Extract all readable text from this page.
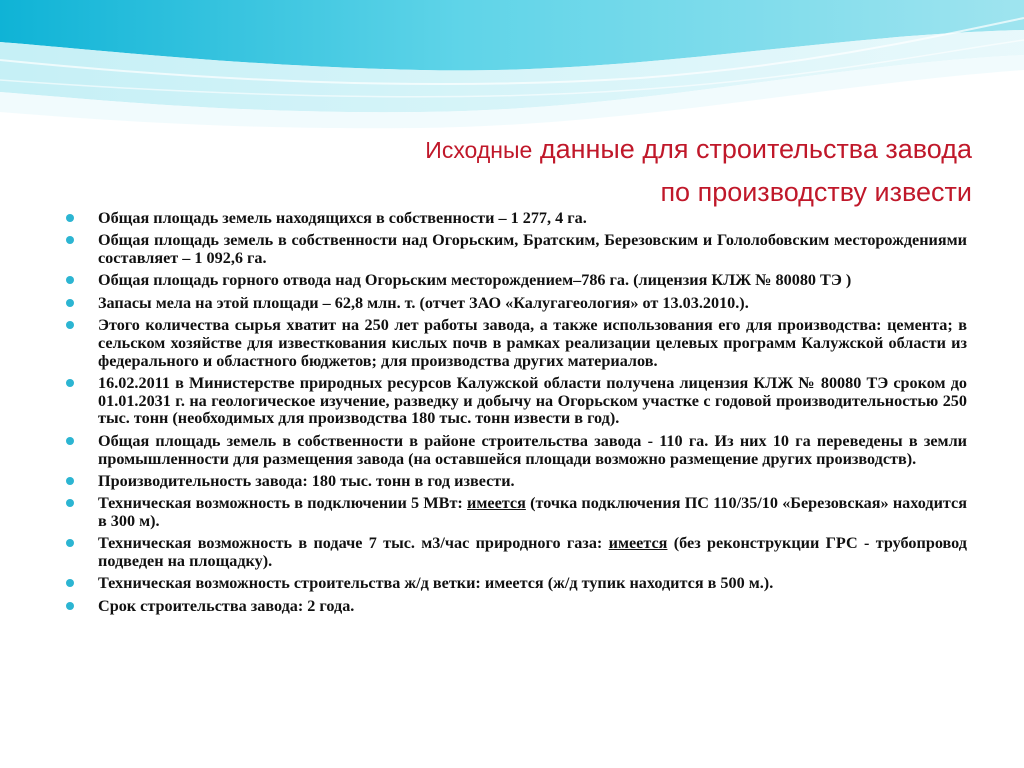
Исходные данные для строительства завода
по производству извести
Общая площадь земель находящихся в собственности – 1 277, 4 га.
Общая площадь земель в собственности над Огорьским, Братским, Березовским и Гололобовским месторождениями составляет – 1 092,6 га.
Общая площадь горного отвода над Огорьским месторождением–786 га. (лицензия КЛЖ № 80080 ТЭ )
Запасы мела на этой площади – 62,8 млн. т. (отчет ЗАО «Калугагеология» от 13.03.2010.).
Этого количества сырья хватит на 250 лет работы завода, а также использования его для производства: цемента; в сельском хозяйстве для известкования кислых почв в рамках реализации целевых программ Калужской области из федерального и областного бюджетов; для производства других материалов.
16.02.2011 в Министерстве природных ресурсов Калужской области получена лицензия КЛЖ № 80080 ТЭ сроком до 01.01.2031 г. на геологическое изучение, разведку и добычу на Огорьском участке с годовой производительностью 250 тыс. тонн (необходимых для производства 180 тыс. тонн извести в год).
Общая площадь земель в собственности в районе строительства завода - 110 га. Из них 10 га переведены в земли промышленности для размещения завода (на оставшейся площади возможно размещение других производств).
Производительность завода: 180 тыс. тонн в год извести.
Техническая возможность в подключении 5 МВт: имеется (точка подключения ПС 110/35/10 «Березовская» находится в 300 м).
Техническая возможность в подаче 7 тыс. м3/час природного газа: имеется (без реконструкции ГРС - трубопровод подведен на площадку).
Техническая возможность строительства ж/д ветки: имеется (ж/д тупик находится в 500 м.).
Срок строительства завода: 2 года.
